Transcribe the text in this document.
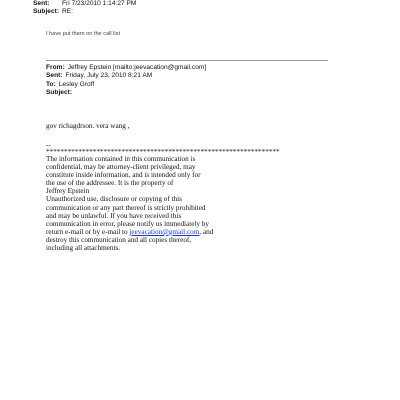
Sent:	Fri 7/23/2010 1:14:27 PM
Subject: RE:
I have put them on the call list
From: Jeffrey Epstein [mailto:jeevacation@gmail.com]
Sent: Friday, July 23, 2010 8:21 AM
To: Lesley Groff
Subject:
gov richagdrson. vera wang ,
--
*****************************************************************
The information contained in this communication is
confidential, may be attorney-client privileged, may
constitute inside information, and is intended only for
the use of the addressee. It is the property of
Jeffrey Epstein
Unauthorized use, disclosure or copying of this
communication or any part thereof is strictly prohibited
and may be unlawful. If you have received this
communication in error, please notify us immediately by
return e-mail or by e-mail to jeevacation@gmail.com, and
destroy this communication and all copies thereof,
including all attachments.
